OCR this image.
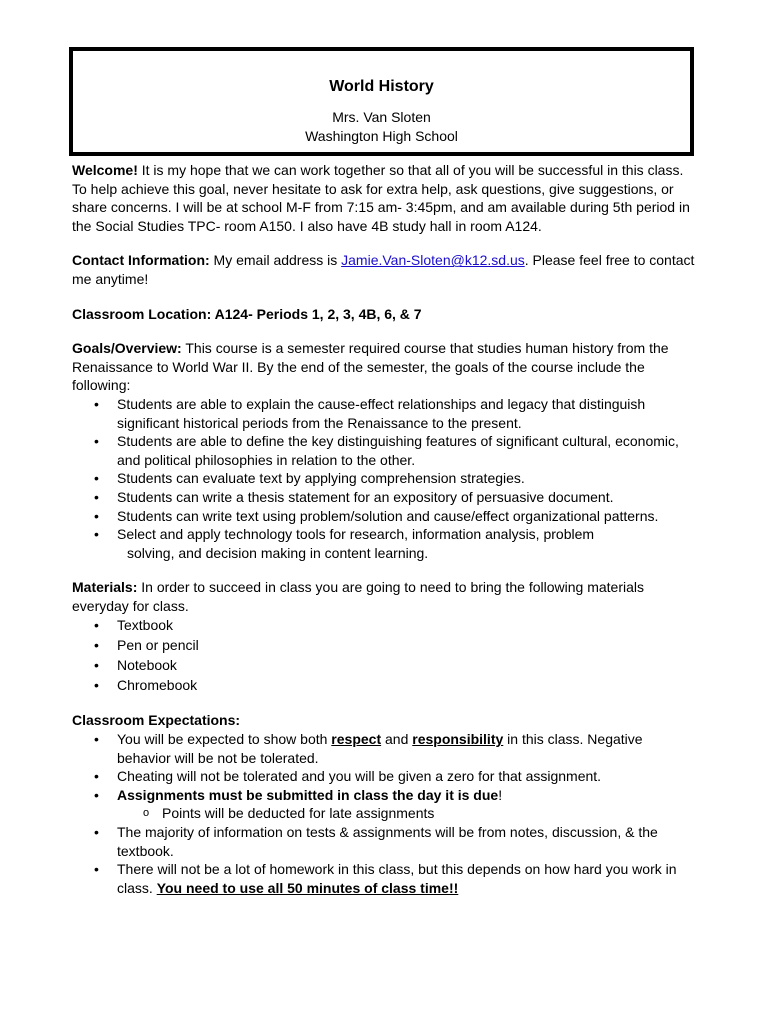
World History
Mrs. Van Sloten
Washington High School

Welcome! It is my hope that we can work together so that all of you will be successful in this class. To help achieve this goal, never hesitate to ask for extra help, ask questions, give suggestions, or share concerns. I will be at school M-F from 7:15 am- 3:45pm, and am available during 5th period in the Social Studies TPC- room A150. I also have 4B study hall in room A124.

Contact Information: My email address is Jamie.Van-Sloten@k12.sd.us. Please feel free to contact me anytime!

Classroom Location: A124- Periods 1, 2, 3, 4B, 6, & 7

Goals/Overview: This course is a semester required course that studies human history from the Renaissance to World War II. By the end of the semester, the goals of the course include the following:

• Students are able to explain the cause-effect relationships and legacy that distinguish significant historical periods from the Renaissance to the present.
• Students are able to define the key distinguishing features of significant cultural, economic, and political philosophies in relation to the other.
• Students can evaluate text by applying comprehension strategies.
• Students can write a thesis statement for an expository of persuasive document.
• Students can write text using problem/solution and cause/effect organizational patterns.
• Select and apply technology tools for research, information analysis, problem
solving, and decision making in content learning.

Materials: In order to succeed in class you are going to need to bring the following materials everyday for class.

• Textbook
• Pen or pencil
• Notebook
• Chromebook

Classroom Expectations:

• You will be expected to show both respect and responsibility in this class. Negative behavior will be not be tolerated.
• Cheating will not be tolerated and you will be given a zero for that assignment.
• Assignments must be submitted in class the day it is due!
o Points will be deducted for late assignments
• The majority of information on tests & assignments will be from notes, discussion, & the textbook.
• There will not be a lot of homework in this class, but this depends on how hard you work in class. You need to use all 50 minutes of class time!!
